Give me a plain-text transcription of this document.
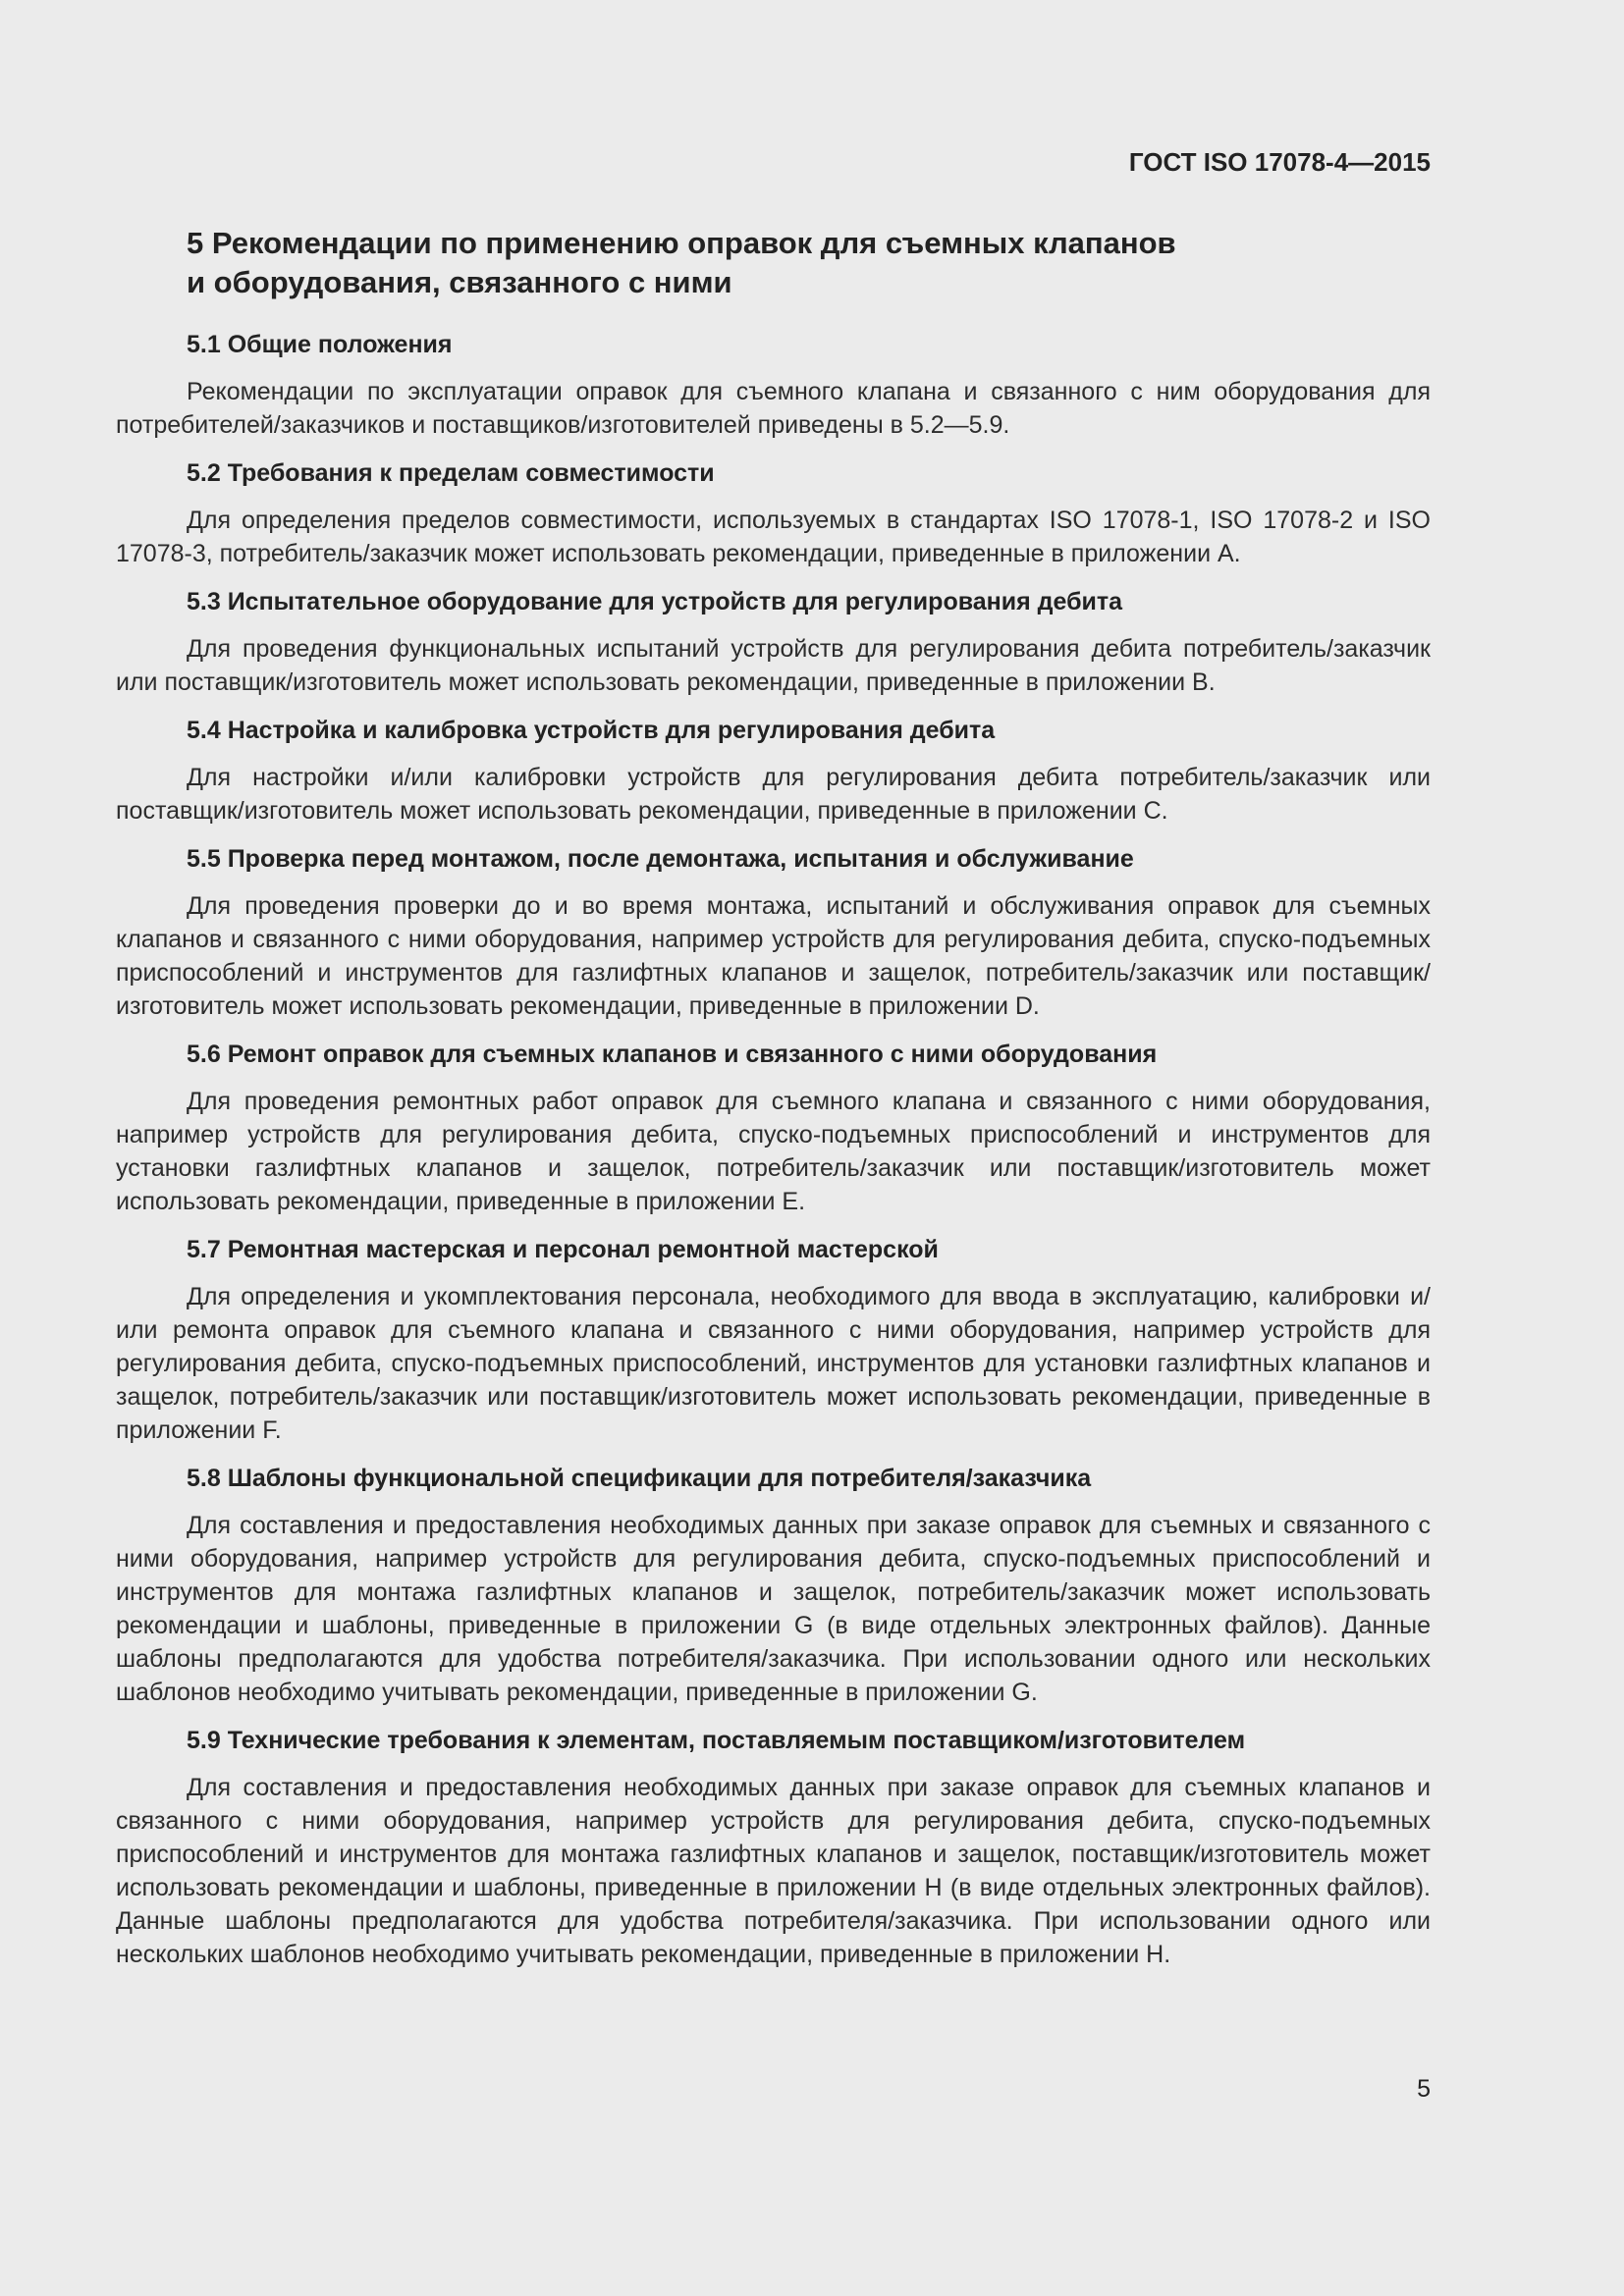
ГОСТ ISO 17078-4—2015
5 Рекомендации по применению оправок для съемных клапанов
и оборудования, связанного с ними
5.1 Общие положения

Рекомендации по эксплуатации оправок для съемного клапана и связанного с ним оборудования для потребителей/заказчиков и поставщиков/изготовителей приведены в 5.2—5.9.

5.2 Требования к пределам совместимости

Для определения пределов совместимости, используемых в стандартах ISO 17078-1, ISO 17078-2 и ISO 17078-3, потребитель/заказчик может использовать рекомендации, приведенные в приложении А.

5.3 Испытательное оборудование для устройств для регулирования дебита

Для проведения функциональных испытаний устройств для регулирования дебита потребитель/заказчик или поставщик/изготовитель может использовать рекомендации, приведенные в приложении В.

5.4 Настройка и калибровка устройств для регулирования дебита

Для настройки и/или калибровки устройств для регулирования дебита потребитель/заказчик или поставщик/изготовитель может использовать рекомендации, приведенные в приложении С.

5.5 Проверка перед монтажом, после демонтажа, испытания и обслуживание

Для проведения проверки до и во время монтажа, испытаний и обслуживания оправок для съемных клапанов и связанного с ними оборудования, например устройств для регулирования дебита, спуско-подъемных приспособлений и инструментов для газлифтных клапанов и защелок, потребитель/заказчик или поставщик/изготовитель может использовать рекомендации, приведенные в приложении D.

5.6 Ремонт оправок для съемных клапанов и связанного с ними оборудования

Для проведения ремонтных работ оправок для съемного клапана и связанного с ними оборудования, например устройств для регулирования дебита, спуско-подъемных приспособлений и инструментов для установки газлифтных клапанов и защелок, потребитель/заказчик или поставщик/изготовитель может использовать рекомендации, приведенные в приложении Е.

5.7 Ремонтная мастерская и персонал ремонтной мастерской

Для определения и укомплектования персонала, необходимого для ввода в эксплуатацию, калибровки и/или ремонта оправок для съемного клапана и связанного с ними оборудования, например устройств для регулирования дебита, спуско-подъемных приспособлений, инструментов для установки газлифтных клапанов и защелок, потребитель/заказчик или поставщик/изготовитель может использовать рекомендации, приведенные в приложении F.

5.8 Шаблоны функциональной спецификации для потребителя/заказчика

Для составления и предоставления необходимых данных при заказе оправок для съемных и связанного с ними оборудования, например устройств для регулирования дебита, спуско-подъемных приспособлений и инструментов для монтажа газлифтных клапанов и защелок, потребитель/заказчик может использовать рекомендации и шаблоны, приведенные в приложении G (в виде отдельных электронных файлов). Данные шаблоны предполагаются для удобства потребителя/заказчика. При использовании одного или нескольких шаблонов необходимо учитывать рекомендации, приведенные в приложении G.

5.9 Технические требования к элементам, поставляемым поставщиком/изготовителем

Для составления и предоставления необходимых данных при заказе оправок для съемных клапанов и связанного с ними оборудования, например устройств для регулирования дебита, спуско-подъемных приспособлений и инструментов для монтажа газлифтных клапанов и защелок, поставщик/изготовитель может использовать рекомендации и шаблоны, приведенные в приложении Н (в виде отдельных электронных файлов). Данные шаблоны предполагаются для удобства потребителя/заказчика. При использовании одного или нескольких шаблонов необходимо учитывать рекомендации, приведенные в приложении Н.

5
